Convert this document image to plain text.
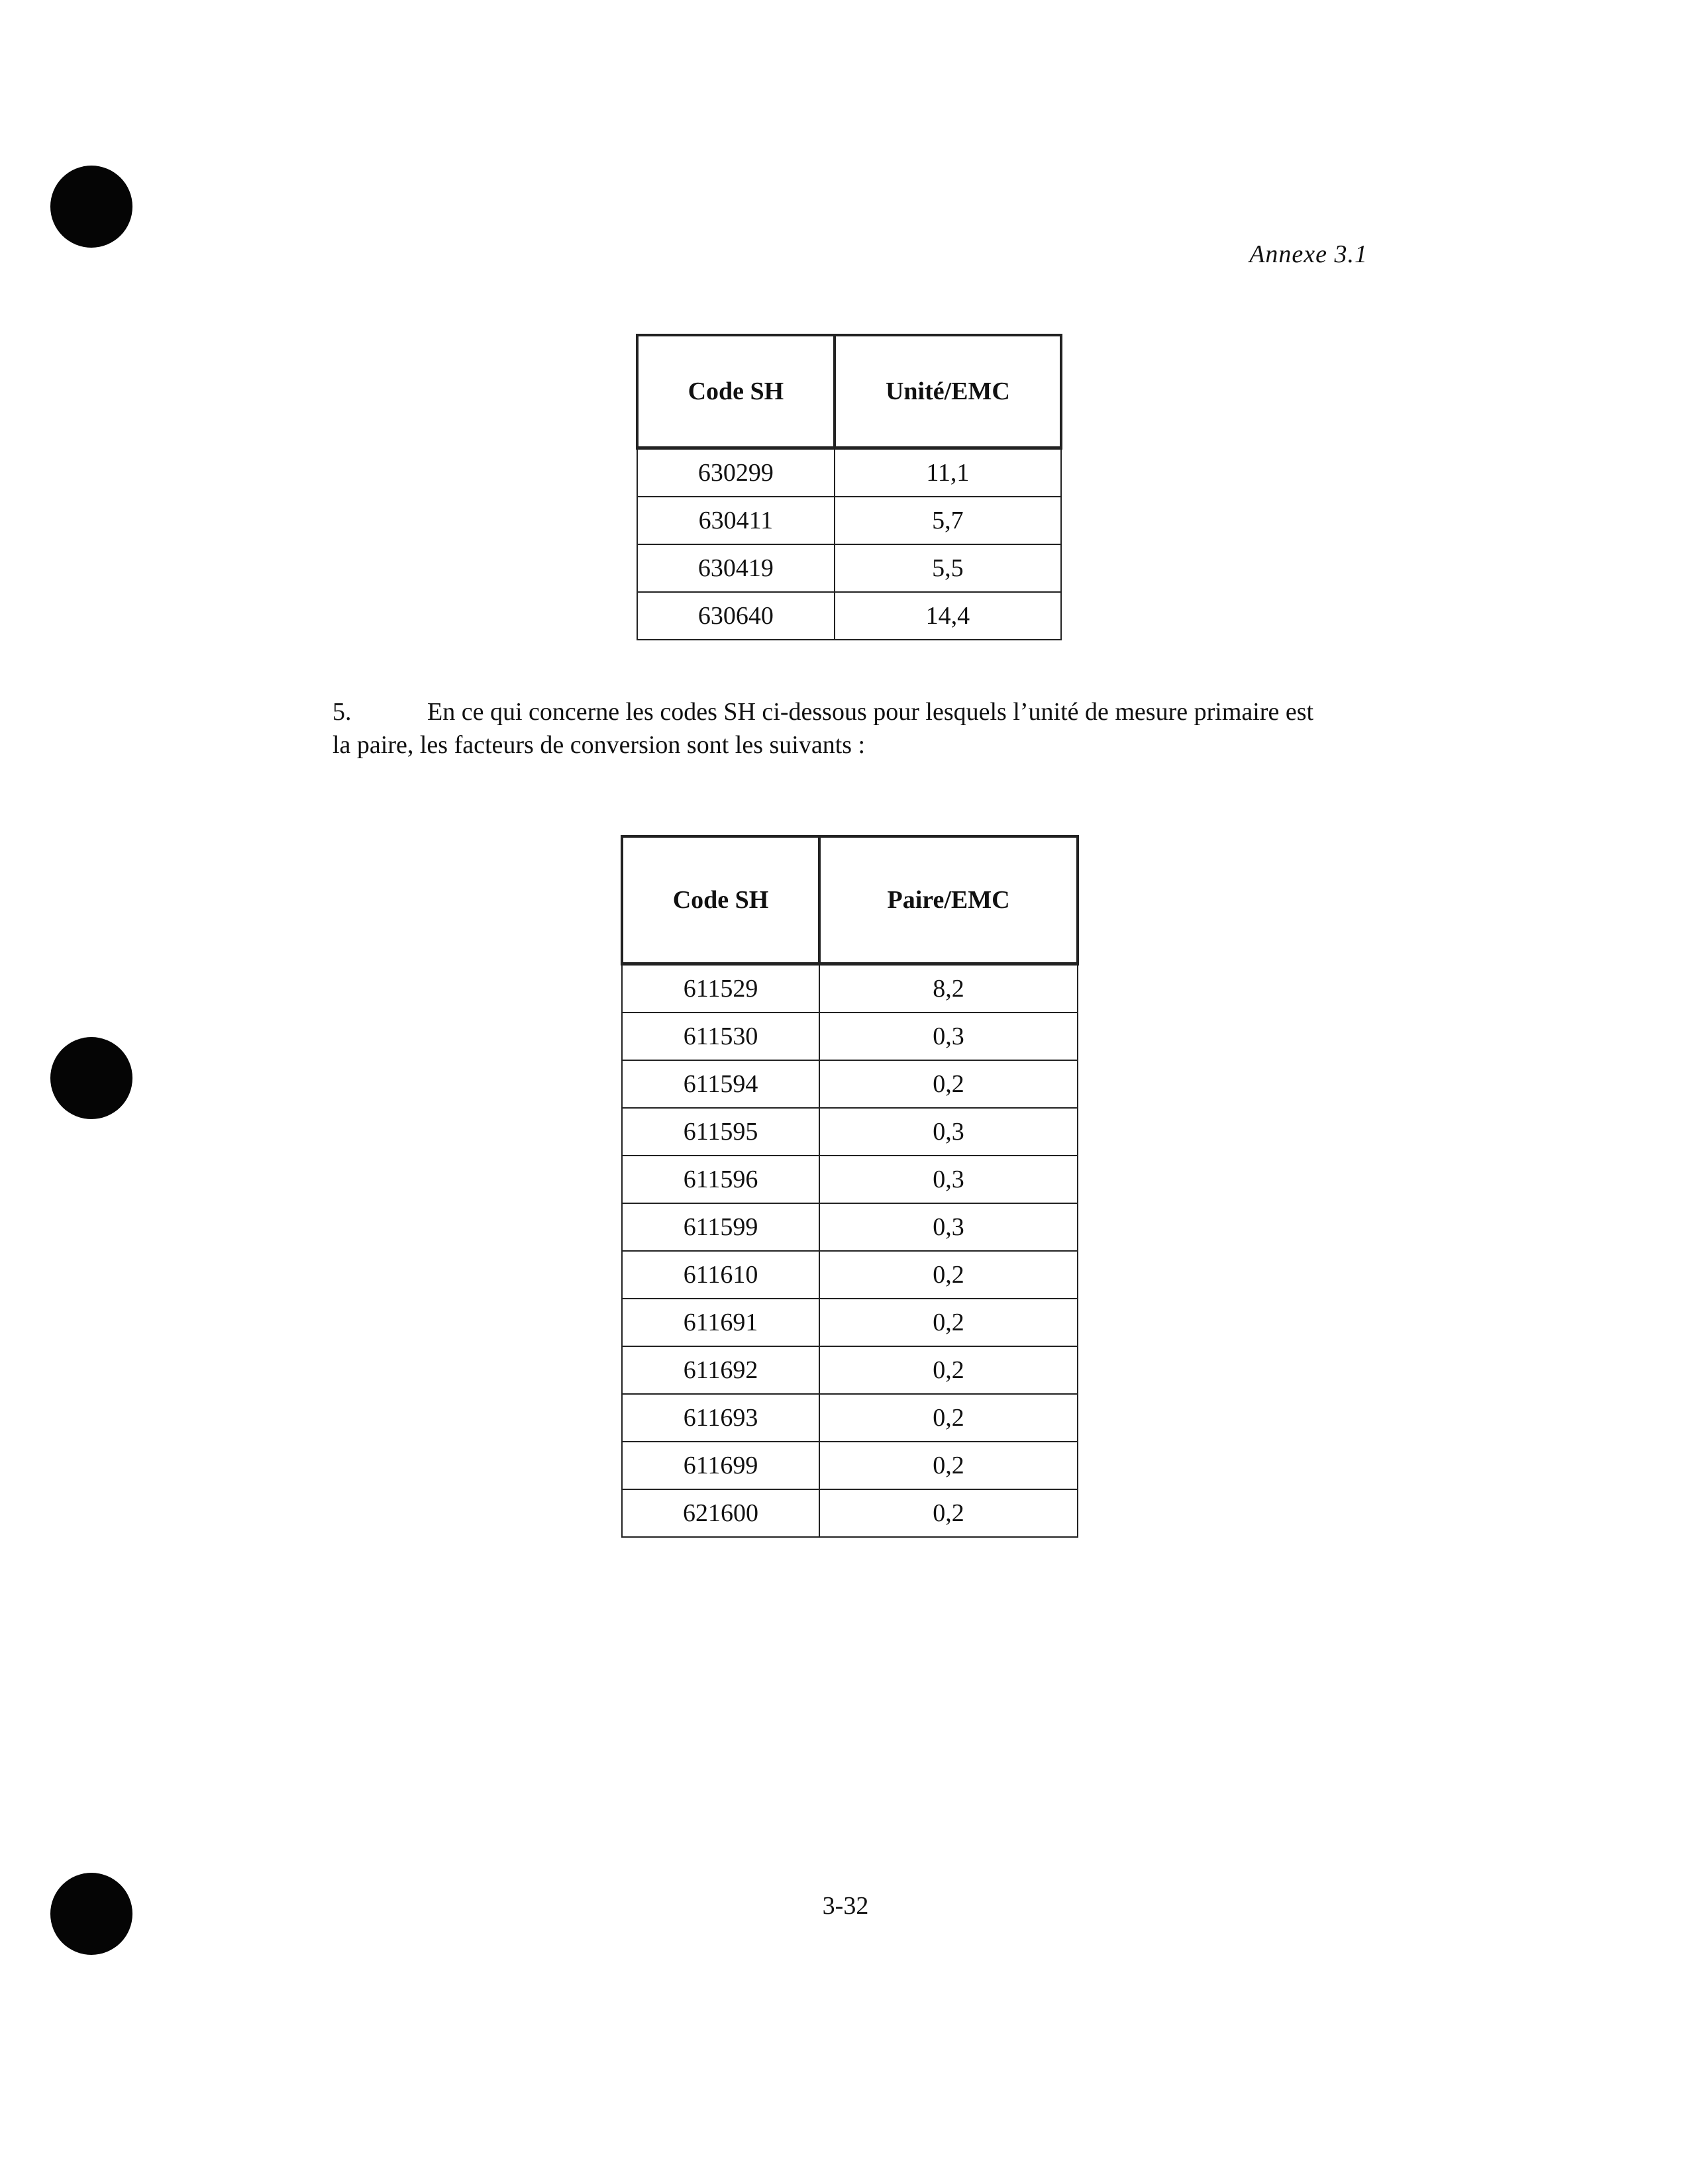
Annexe 3.1
Code SH	Unité/EMC
630299	11,1
630411	5,7
630419	5,5
630640	14,4
5.	En ce qui concerne les codes SH ci-dessous pour lesquels l’unité de mesure primaire est
la paire, les facteurs de conversion sont les suivants :
Code SH	Paire/EMC
611529	8,2
611530	0,3
611594	0,2
611595	0,3
611596	0,3
611599	0,3
611610	0,2
611691	0,2
611692	0,2
611693	0,2
611699	0,2
621600	0,2
3-32
